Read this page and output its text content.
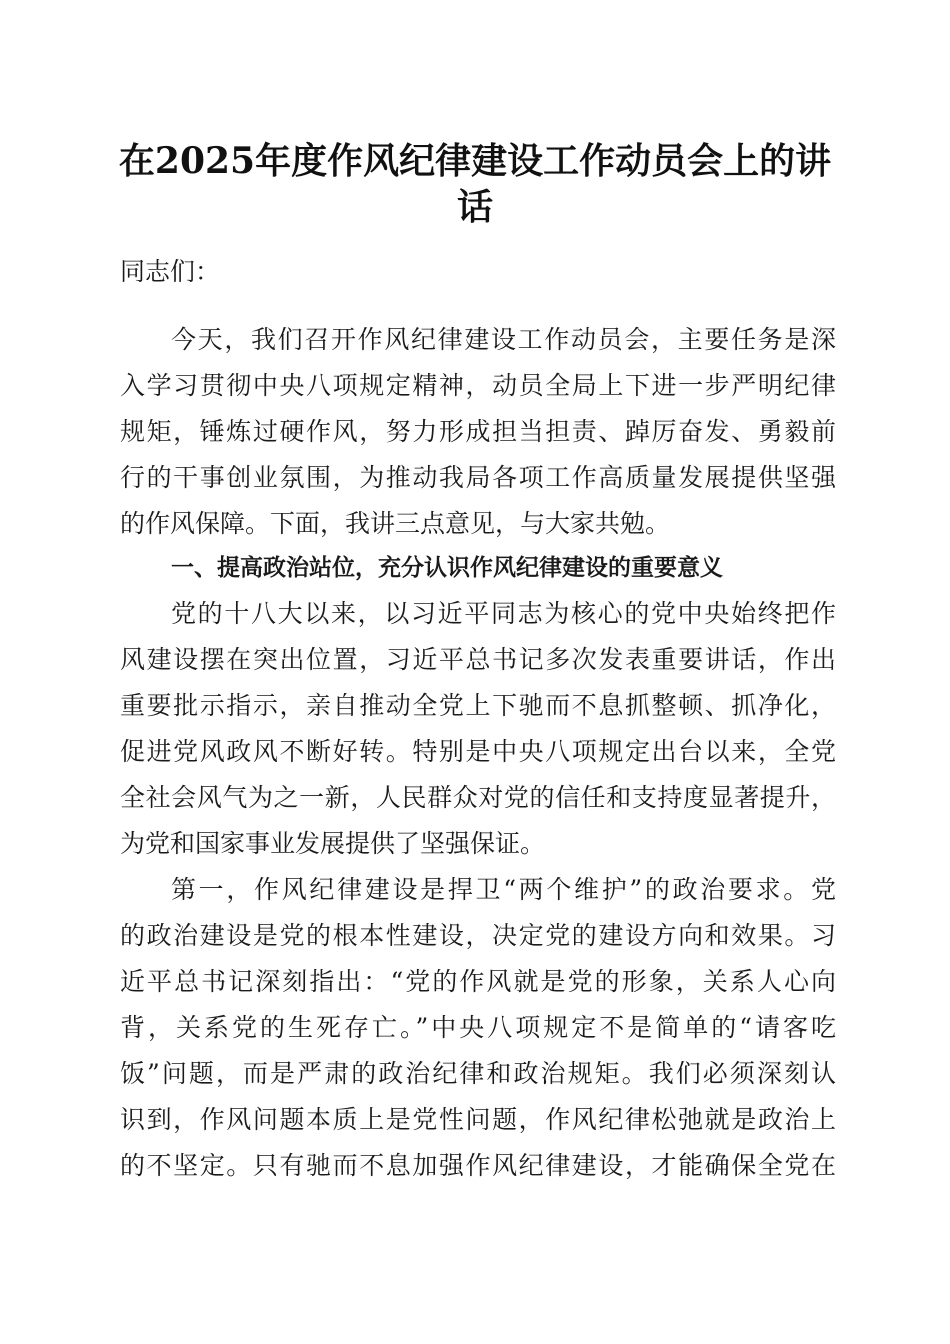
在2025年度作风纪律建设工作动员会上的讲
话
同志们：
今天，我们召开作风纪律建设工作动员会，主要任务是深
入学习贯彻中央八项规定精神，动员全局上下进一步严明纪律
规矩，锤炼过硬作风，努力形成担当担责、踔厉奋发、勇毅前
行的干事创业氛围，为推动我局各项工作高质量发展提供坚强
的作风保障。下面，我讲三点意见，与大家共勉。
一、提高政治站位，充分认识作风纪律建设的重要意义
党的十八大以来，以习近平同志为核心的党中央始终把作
风建设摆在突出位置，习近平总书记多次发表重要讲话，作出
重要批示指示，亲自推动全党上下驰而不息抓整顿、抓净化，
促进党风政风不断好转。特别是中央八项规定出台以来，全党
全社会风气为之一新，人民群众对党的信任和支持度显著提升，
为党和国家事业发展提供了坚强保证。
第一，作风纪律建设是捍卫“两个维护”的政治要求。党
的政治建设是党的根本性建设，决定党的建设方向和效果。习
近平总书记深刻指出：“党的作风就是党的形象，关系人心向
背，关系党的生死存亡。”中央八项规定不是简单的“请客吃
饭”问题，而是严肃的政治纪律和政治规矩。我们必须深刻认
识到，作风问题本质上是党性问题，作风纪律松弛就是政治上
的不坚定。只有驰而不息加强作风纪律建设，才能确保全党在
